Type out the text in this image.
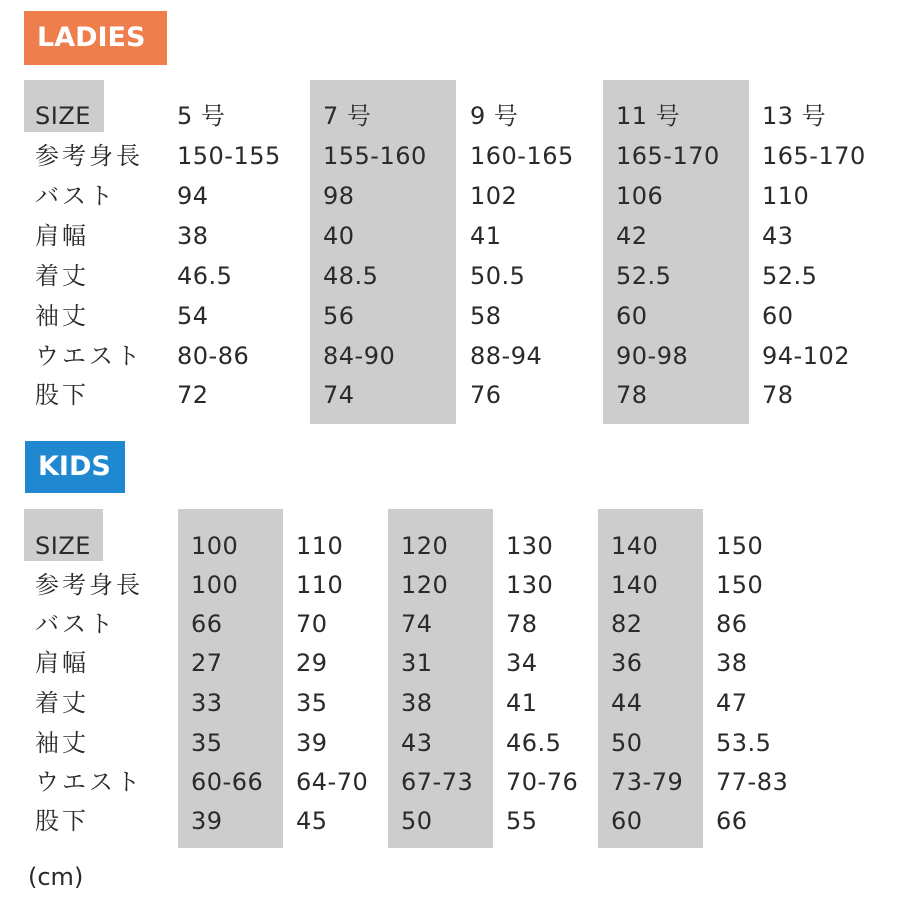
LADIES
SIZE
参考身長
バスト
肩幅
着丈
袖丈
ウエスト
股下
5 号
150-155
94
38
46.5
54
80-86
72
7 号
155-160
98
40
48.5
56
84-90
74
9 号
160-165
102
41
50.5
58
88-94
76
11 号
165-170
106
42
52.5
60
90-98
78
13 号
165-170
110
43
52.5
60
94-102
78
KIDS
SIZE
参考身長
バスト
肩幅
着丈
袖丈
ウエスト
股下
100
100
66
27
33
35
60-66
39
110
110
70
29
35
39
64-70
45
120
120
74
31
38
43
67-73
50
130
130
78
34
41
46.5
70-76
55
140
140
82
36
44
50
73-79
60
150
150
86
38
47
53.5
77-83
66
(cm)
